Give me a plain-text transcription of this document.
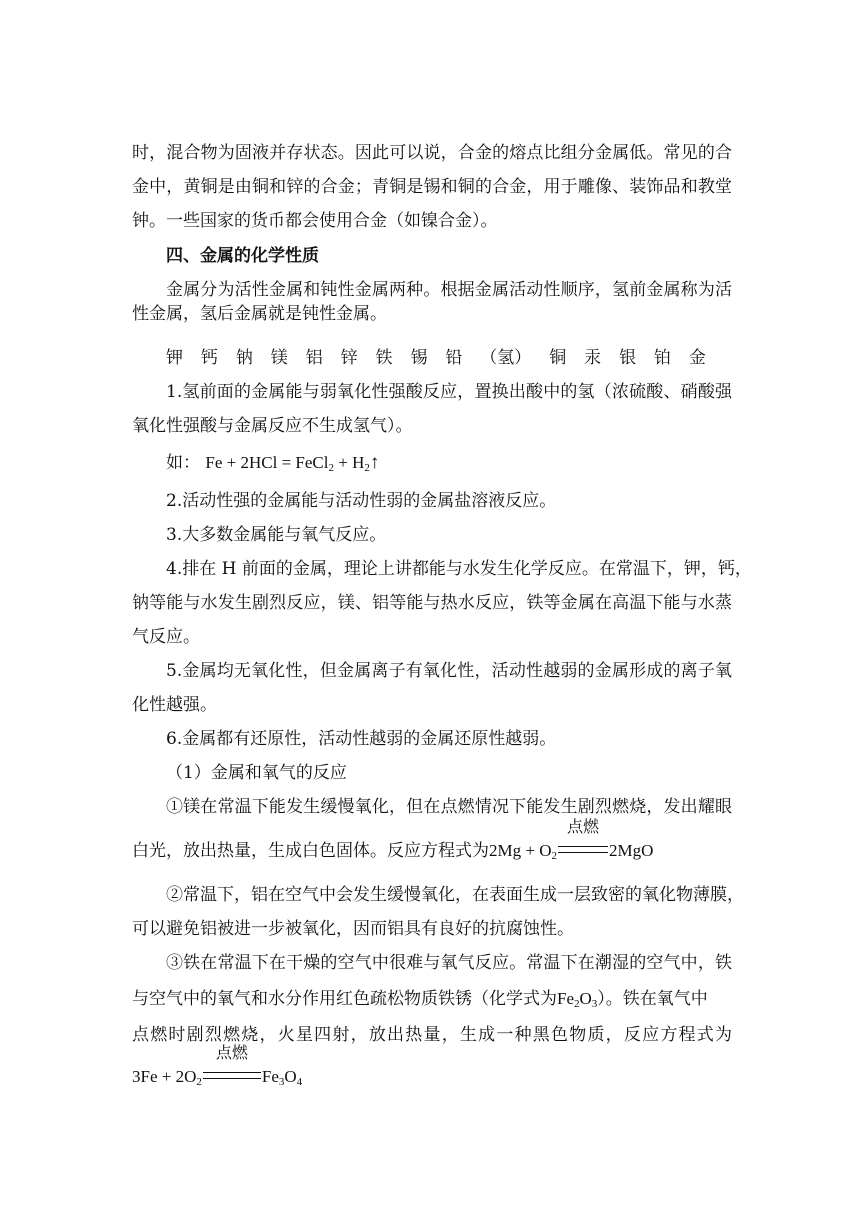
时，混合物为固液并存状态。因此可以说，合金的熔点比组分金属低。常见的合
金中，黄铜是由铜和锌的合金；青铜是锡和铜的合金，用于雕像、装饰品和教堂
钟。一些国家的货币都会使用合金（如镍合金）。
四、金属的化学性质
金属分为活性金属和钝性金属两种。根据金属活动性顺序，氢前金属称为活
性金属，氢后金属就是钝性金属。
钾 钙 钠 镁 铝 锌 铁 锡 铅 （氢） 铜 汞 银 铂 金
1.氢前面的金属能与弱氧化性强酸反应，置换出酸中的氢（浓硫酸、硝酸强
氧化性强酸与金属反应不生成氢气）。
如： Fe + 2HCl = FeCl$_2$ + $H_2↑$
2.活动性强的金属能与活动性弱的金属盐溶液反应。
3.大多数金属能与氧气反应。
4.排在 H 前面的金属，理论上讲都能与水发生化学反应。在常温下，钾，钙，
钠等能与水发生剧烈反应，镁、铝等能与热水反应，铁等金属在高温下能与水蒸
气反应。
5.金属均无氧化性，但金属离子有氧化性，活动性越弱的金属形成的离子氧
化性越强。
6.金属都有还原性，活动性越弱的金属还原性越弱。
（1）金属和氧气的反应
①镁在常温下能发生缓慢氧化，但在点燃情况下能发生剧烈燃烧，发出耀眼
白光，放出热量，生成白色固体。反应方程式为$2Mg + O_2$
点燃
2MgO
②常温下，铝在空气中会发生缓慢氧化，在表面生成一层致密的氧化物薄膜，
可以避免铝被进一步被氧化，因而铝具有良好的抗腐蚀性。
③铁在常温下在干燥的空气中很难与氧气反应。常温下在潮湿的空气中，铁
与空气中的氧气和水分作用红色疏松物质铁锈（化学式为$Fe_2O_3$）。铁在氧气中
点燃时剧烈燃烧，火星四射，放出热量，生成一种黑色物质，反应方程式为
$3Fe + 2O_2$
点燃
$Fe_3O_4$
